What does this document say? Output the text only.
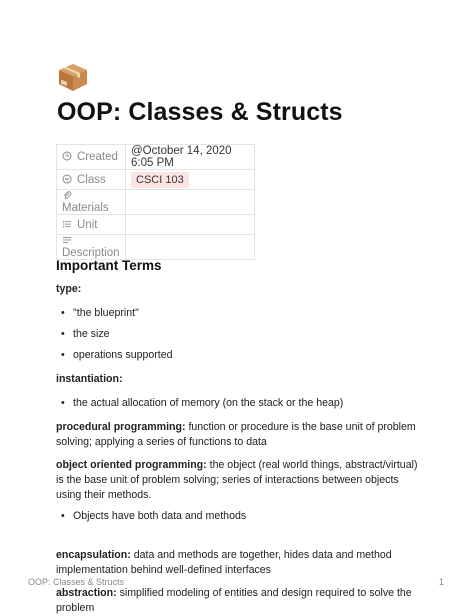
OOP: Classes & Structs
Created	@October 14, 2020 6:05 PM
Class	CSCI 103
Materials	
Unit	
Description	
Important Terms

type:

• "the blueprint"
• the size
• operations supported

instantiation:

• the actual allocation of memory (on the stack or the heap)

procedural programming: function or procedure is the base unit of problem solving; applying a series of functions to data

object oriented programming: the object (real world things, abstract/virtual) is the base unit of problem solving; series of interactions between objects using their methods.

• Objects have both data and methods

encapsulation: data and methods are together, hides data and method implementation behind well-defined interfaces

abstraction: simplified modeling of entities and design required to solve the problem

OOP: Classes & Structs	1
